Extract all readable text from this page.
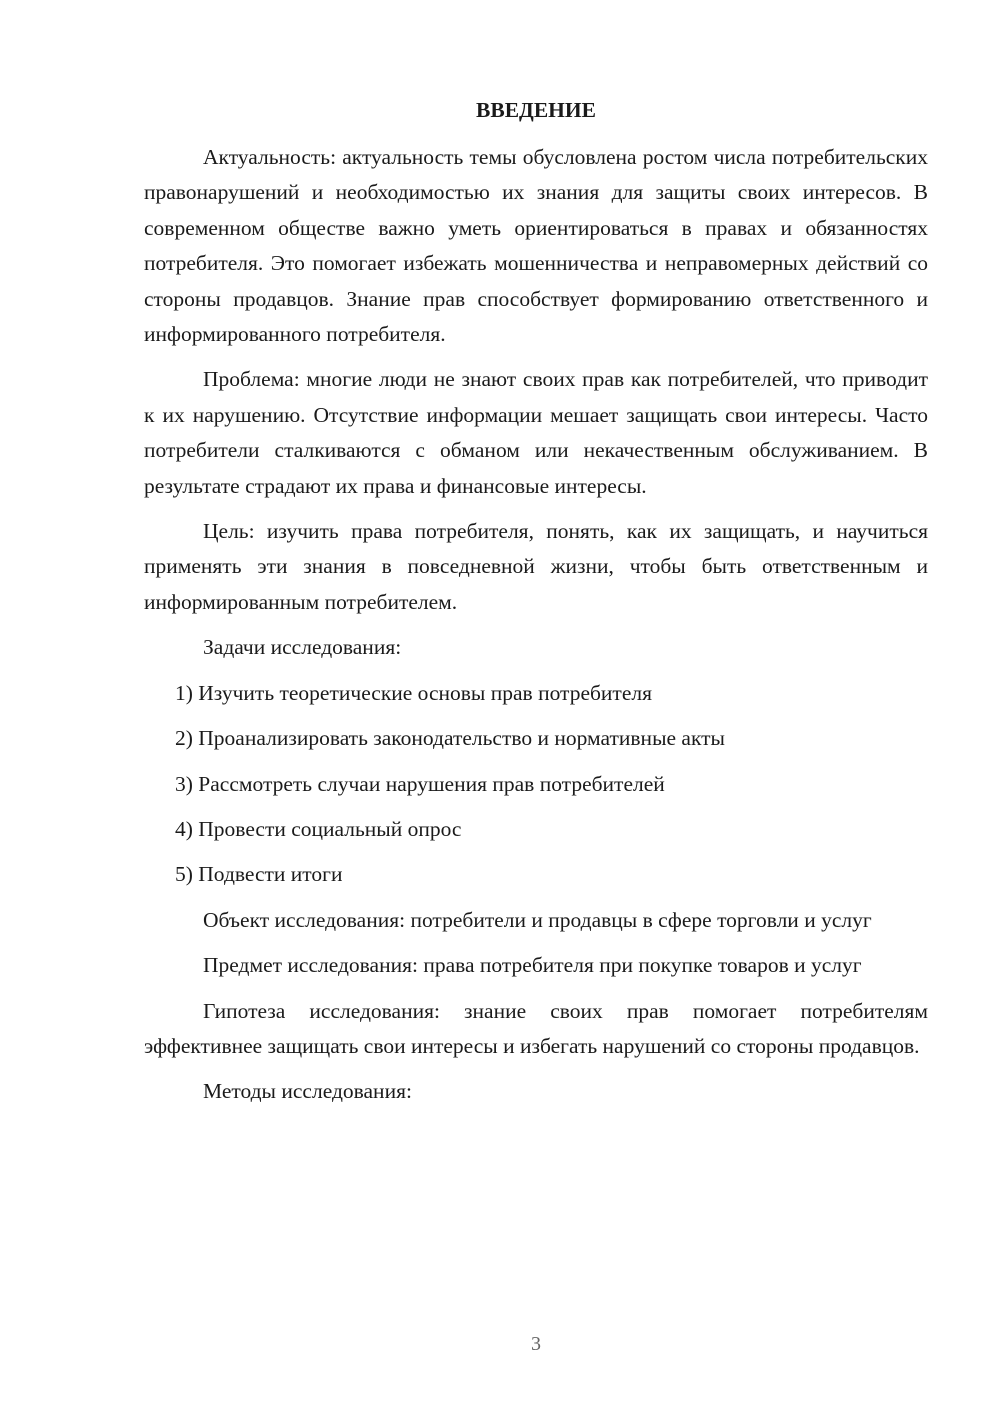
ВВЕДЕНИЕ

Актуальность: актуальность темы обусловлена ростом числа потребительских правонарушений и необходимостью их знания для защиты своих интересов. В современном обществе важно уметь ориентироваться в правах и обязанностях потребителя. Это помогает избежать мошенничества и неправомерных действий со стороны продавцов. Знание прав способствует формированию ответственного и информированного потребителя.

Проблема: многие люди не знают своих прав как потребителей, что приводит к их нарушению. Отсутствие информации мешает защищать свои интересы. Часто потребители сталкиваются с обманом или некачественным обслуживанием. В результате страдают их права и финансовые интересы.

Цель: изучить права потребителя, понять, как их защищать, и научиться применять эти знания в повседневной жизни, чтобы быть ответственным и информированным потребителем.

Задачи исследования:

1) Изучить теоретические основы прав потребителя

2) Проанализировать законодательство и нормативные акты

3) Рассмотреть случаи нарушения прав потребителей

4) Провести социальный опрос

5) Подвести итоги

Объект исследования: потребители и продавцы в сфере торговли и услуг

Предмет исследования: права потребителя при покупке товаров и услуг

Гипотеза исследования: знание своих прав помогает потребителям эффективнее защищать свои интересы и избегать нарушений со стороны продавцов.

Методы исследования:

3
